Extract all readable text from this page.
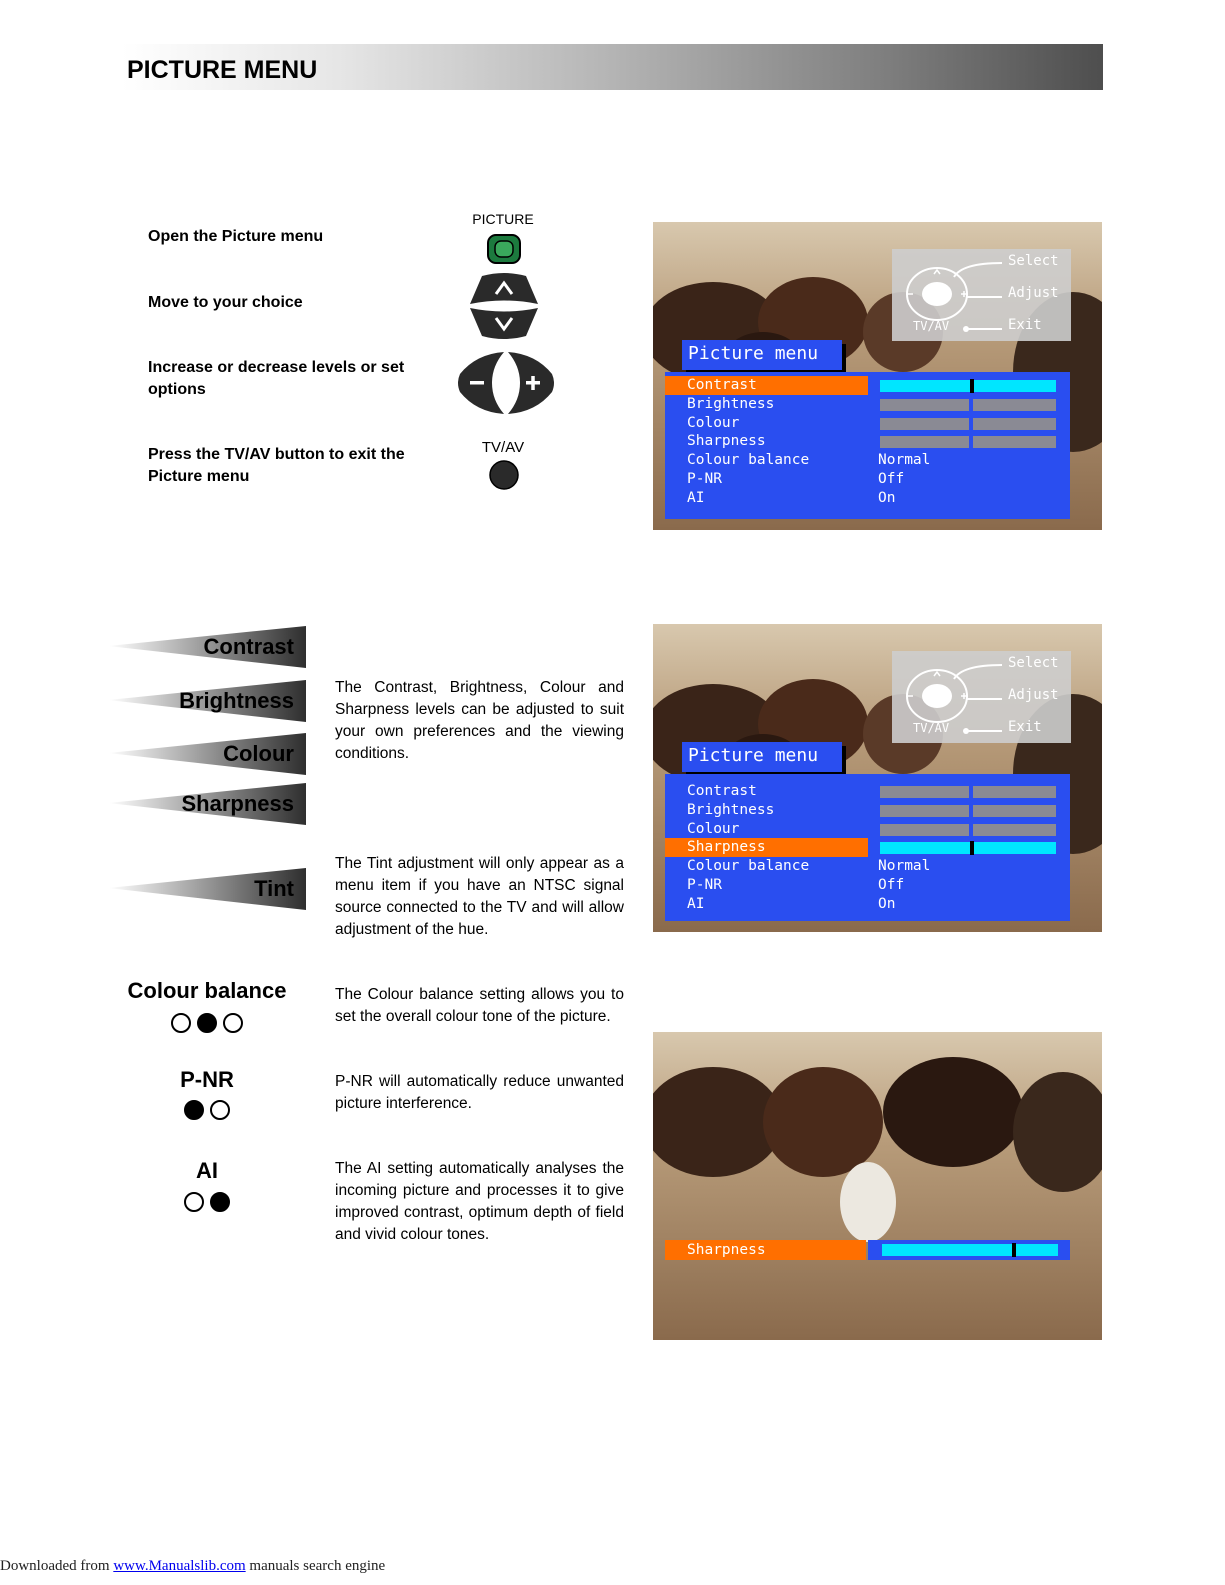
PICTURE MENU
Open the Picture menu
Move to your choice
Increase or decrease levels or set options
Press the TV/AV button to exit the Picture menu
PICTURE
TV/AV
Contrast
Brightness
Colour
Sharpness
Tint
The Contrast, Brightness, Colour and Sharpness levels can be adjusted to suit your own preferences and the viewing conditions.
The Tint adjustment will only appear as a menu item if you have an NTSC signal source connected to the TV and will allow adjustment of the hue.
The Colour balance setting allows you to set the overall colour tone of the picture.
P-NR will automatically reduce unwanted picture interference.
The AI setting automatically analyses the incoming picture and processes it to give improved contrast, optimum depth of field and vivid colour tones.
Colour balance
P-NR
AI
Select
Adjust
Exit
TV/AV
Picture menu
Contrast
Brightness
Colour
Sharpness
Colour balance	Normal
P-NR	Off
AI	On
Select
Adjust
Exit
TV/AV
Picture menu
Contrast
Brightness
Colour
Sharpness
Colour balance	Normal
P-NR	Off
AI	On
Sharpness
Downloaded from www.Manualslib.com manuals search engine
